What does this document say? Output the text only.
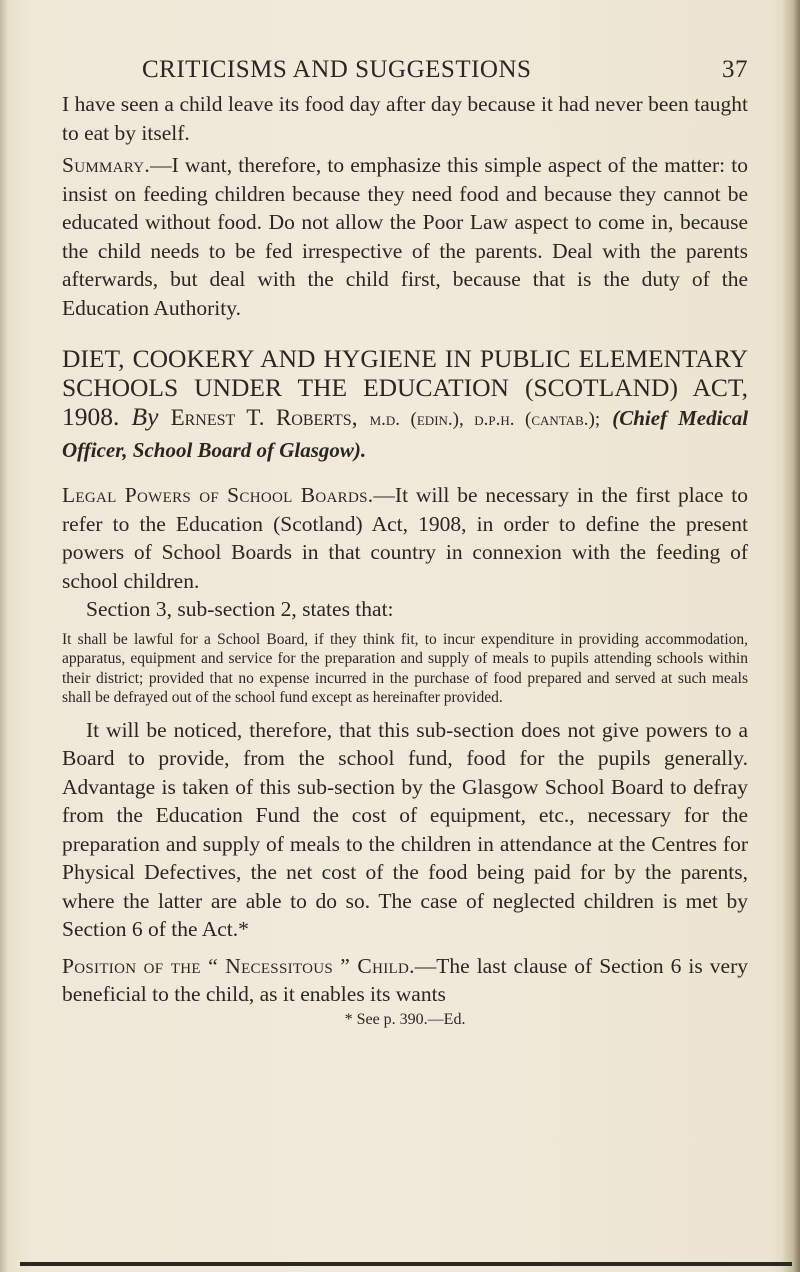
CRITICISMS AND SUGGESTIONS	37

I have seen a child leave its food day after day because it had never been taught to eat by itself.

Summary.—I want, therefore, to emphasize this simple aspect of the matter: to insist on feeding children because they need food and because they cannot be educated without food. Do not allow the Poor Law aspect to come in, because the child needs to be fed irrespective of the parents. Deal with the parents afterwards, but deal with the child first, because that is the duty of the Education Authority.

DIET, COOKERY AND HYGIENE IN PUBLIC ELEMENTARY SCHOOLS UNDER THE EDUCATION (SCOTLAND) ACT, 1908. By Ernest T. Roberts, m.d. (edin.), d.p.h. (cantab.); (Chief Medical Officer, School Board of Glasgow).

Legal Powers of School Boards.—It will be necessary in the first place to refer to the Education (Scotland) Act, 1908, in order to define the present powers of School Boards in that country in connexion with the feeding of school children.

Section 3, sub-section 2, states that:

It shall be lawful for a School Board, if they think fit, to incur expenditure in providing accommodation, apparatus, equipment and service for the preparation and supply of meals to pupils attending schools within their district; provided that no expense incurred in the purchase of food prepared and served at such meals shall be defrayed out of the school fund except as hereinafter provided.

It will be noticed, therefore, that this sub-section does not give powers to a Board to provide, from the school fund, food for the pupils generally. Advantage is taken of this sub-section by the Glasgow School Board to defray from the Education Fund the cost of equipment, etc., necessary for the preparation and supply of meals to the children in attendance at the Centres for Physical Defectives, the net cost of the food being paid for by the parents, where the latter are able to do so. The case of neglected children is met by Section 6 of the Act.*

Position of the “ Necessitous ” Child.—The last clause of Section 6 is very beneficial to the child, as it enables its wants

* See p. 390.—Ed.
